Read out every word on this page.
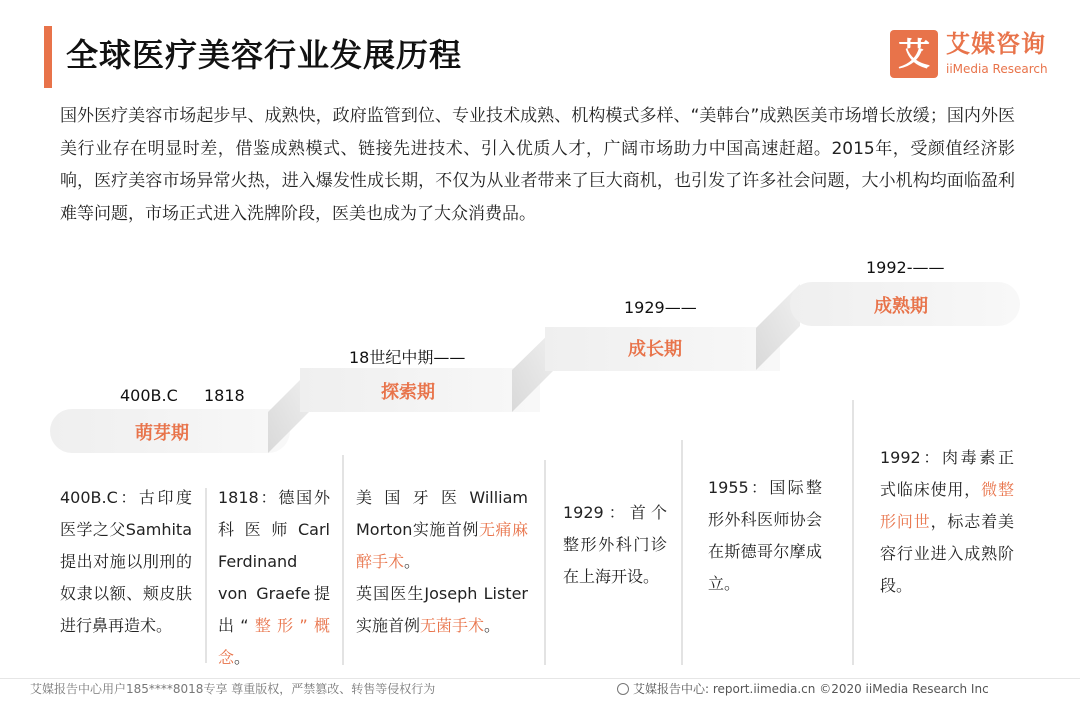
全球医疗美容行业发展历程	艾 艾媒咨询
iiMedia Research
国外医疗美容市场起步早、成熟快，政府监管到位、专业技术成熟、机构模式多样、“美韩台”成熟医美市场增长放缓；国内外医美行业存在明显时差，借鉴成熟模式、链接先进技术、引入优质人才，广阔市场助力中国高速赶超。2015年，受颜值经济影响，医疗美容市场异常火热，进入爆发性成长期，不仅为从业者带来了巨大商机，也引发了许多社会问题，大小机构均面临盈利难等问题，市场正式进入洗牌阶段，医美也成为了大众消费品。
萌芽期
探索期
成长期
成熟期
400B.C 1818
18世纪中期——
1929——
1992-——
400B.C：古印度医学之父Samhita提出对施以刖刑的奴隶以额、颊皮肤进行鼻再造术。
1818：德国外科医师Carl Ferdinand von Graefe提出“整形”概念。
美国牙医William Morton实施首例无痛麻醉手术。
英国医生Joseph Lister实施首例无菌手术。
1929：首个整形外科门诊在上海开设。
1955：国际整形外科医师协会在斯德哥尔摩成立。
1992：肉毒素正式临床使用，微整形问世，标志着美容行业进入成熟阶段。
艾媒报告中心用户185****8018专享 尊重版权，严禁篡改、转售等侵权行为	艾媒报告中心: report.iimedia.cn ©2020 iiMedia Research Inc
